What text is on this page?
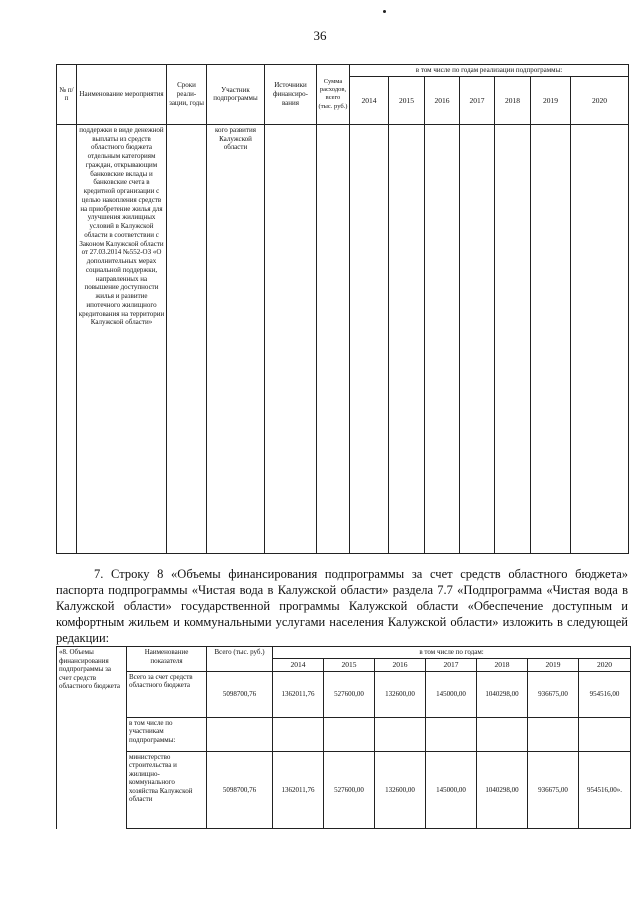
36
№ п/п	Наименование мероприятия	Сроки реали-зации, годы	Участник подпрограммы	Источники финансиро-вания	Сумма расходов, всего (тыс. руб.)	в том числе по годам реализации подпрограммы:						
						2014	2015	2016	2017	2018	2019	2020
	поддержки в виде денежной выплаты из средств областного бюджета отдельным категориям граждан, открывающим банковские вклады и банковские счета в кредитной организации с целью накопления средств на приобретение жилья для улучшения жилищных условий в Калужской области в соответствии с Законом Калужской области от 27.03.2014 №552-ОЗ «О дополнительных мерах социальной поддержки, направленных на повышение доступности жилья и развитие ипотечного жилищного кредитования на территории Калужской области»		кого развития Калужской области									

7. Строку 8 «Объемы финансирования подпрограммы за счет средств областного бюджета» паспорта подпрограммы «Чистая вода в Калужской области» раздела 7.7 «Подпрограмма «Чистая вода в Калужской области» государственной программы Калужской области «Обеспечение доступным и комфортным жильем и коммунальными услугами населения Калужской области» изложить в следующей редакции:

«8. Объемы финансирования подпрограммы за счет средств областного бюджета	Наименование показателя	Всего (тыс. руб.)	в том числе по годам:						
			2014	2015	2016	2017	2018	2019	2020
	Всего за счет средств областного бюджета	5098700,76	1362011,76	527600,00	132600,00	145000,00	1040298,00	936675,00	954516,00
	в том числе по участникам подпрограммы:								
	министерство строительства и жилищно-коммунального хозяйства Калужской области	5098700,76	1362011,76	527600,00	132600,00	145000,00	1040298,00	936675,00	954516,00».
